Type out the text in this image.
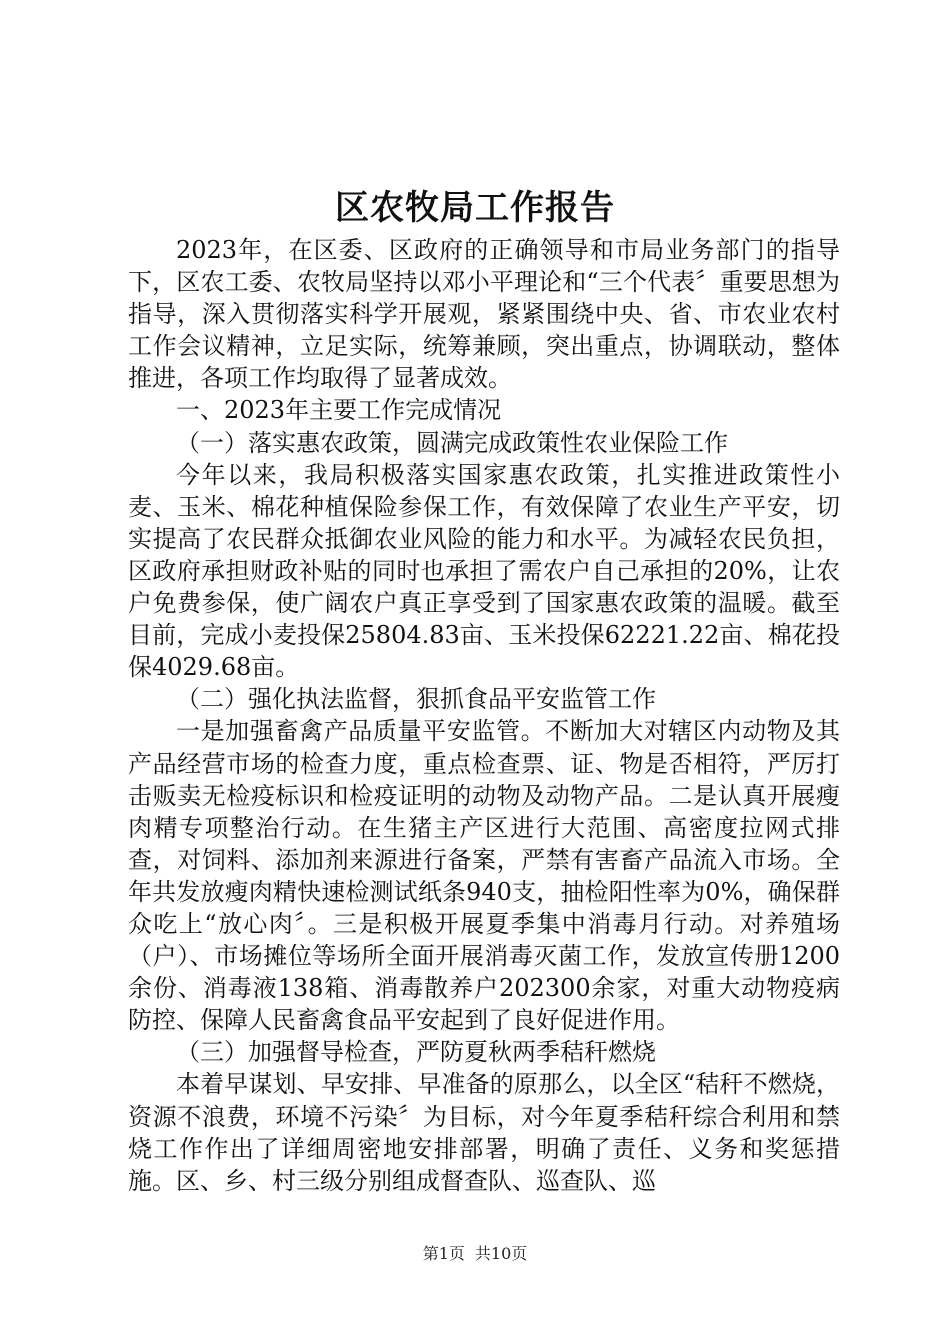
区农牧局工作报告

2023年，在区委、区政府的正确领导和市局业务部门的指导下，区农工委、农牧局坚持以邓小平理论和“三个代表〞重要思想为指导，深入贯彻落实科学开展观，紧紧围绕中央、省、市农业农村工作会议精神，立足实际，统筹兼顾，突出重点，协调联动，整体推进，各项工作均取得了显著成效。

一、2023年主要工作完成情况

（一）落实惠农政策，圆满完成政策性农业保险工作

今年以来，我局积极落实国家惠农政策，扎实推进政策性小麦、玉米、棉花种植保险参保工作，有效保障了农业生产平安，切实提高了农民群众抵御农业风险的能力和水平。为减轻农民负担，区政府承担财政补贴的同时也承担了需农户自己承担的20%，让农户免费参保，使广阔农户真正享受到了国家惠农政策的温暖。截至目前，完成小麦投保25804.83亩、玉米投保62221.22亩、棉花投保4029.68亩。

（二）强化执法监督，狠抓食品平安监管工作

一是加强畜禽产品质量平安监管。不断加大对辖区内动物及其产品经营市场的检查力度，重点检查票、证、物是否相符，严厉打击贩卖无检疫标识和检疫证明的动物及动物产品。二是认真开展瘦肉精专项整治行动。在生猪主产区进行大范围、高密度拉网式排查，对饲料、添加剂来源进行备案，严禁有害畜产品流入市场。全年共发放瘦肉精快速检测试纸条940支，抽检阳性率为0%，确保群众吃上“放心肉〞。三是积极开展夏季集中消毒月行动。对养殖场（户）、市场摊位等场所全面开展消毒灭菌工作，发放宣传册1200余份、消毒液138箱、消毒散养户202300余家，对重大动物疫病防控、保障人民畜禽食品平安起到了良好促进作用。

（三）加强督导检查，严防夏秋两季秸秆燃烧

本着早谋划、早安排、早准备的原那么，以全区“秸秆不燃烧，资源不浪费，环境不污染〞为目标，对今年夏季秸秆综合利用和禁烧工作作出了详细周密地安排部署，明确了责任、义务和奖惩措施。区、乡、村三级分别组成督查队、巡查队、巡

第1页 共10页
